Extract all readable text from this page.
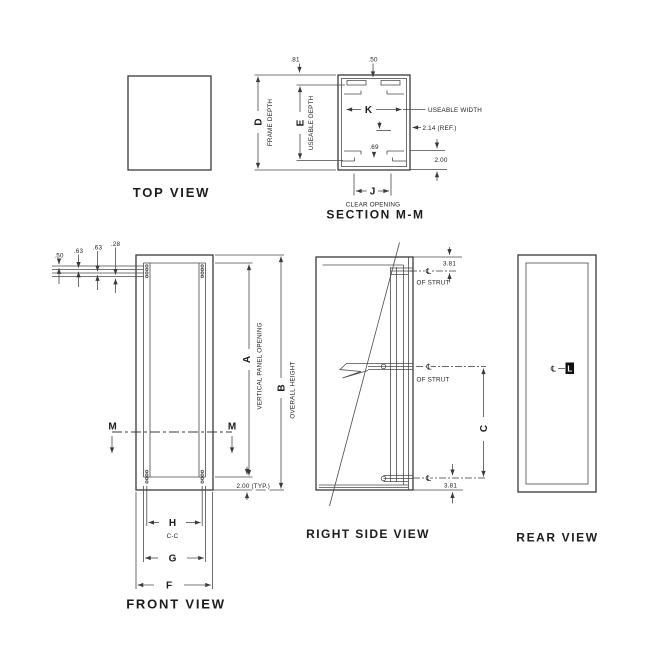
TOP VIEW
D FRAME DEPTH E USEABLE DEPTH
.81	.50
K	USEABLE WIDTH
2.14 (REF.)
.69
2.00
J
CLEAR OPENING
SECTION M-M
.50
.63 .63 .28
M	M
A VERTICAL PANEL OPENING B OVERALL HEIGHT
2.00 (TYP.)
H
C-C
G
F
FRONT VIEW
℄
3.81
OF STRUT
℄
OF STRUT
C
℄
3.81
RIGHT SIDE VIEW
℄ L
REAR VIEW
